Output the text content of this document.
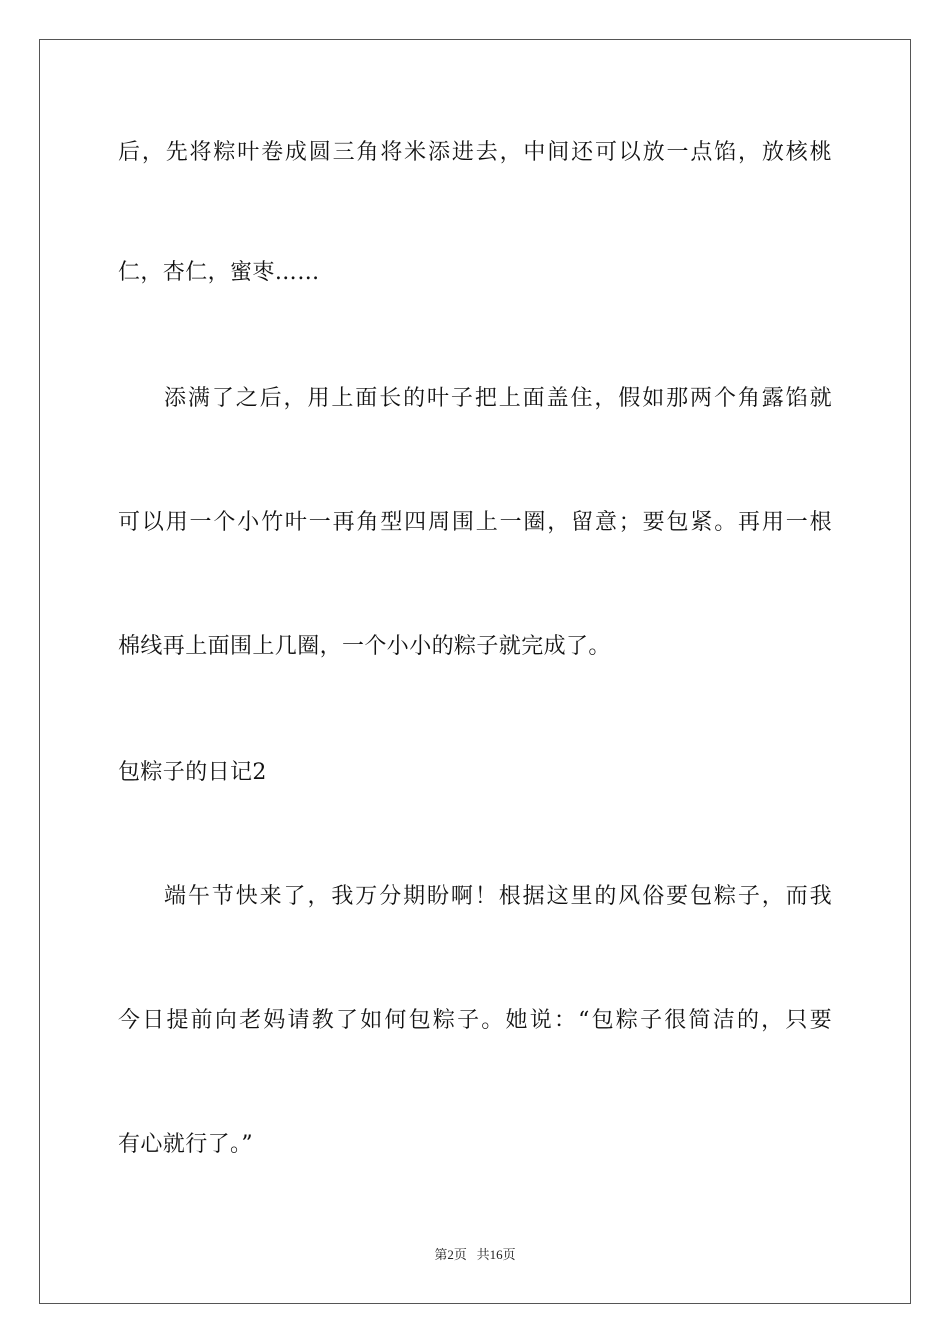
后，先将粽叶卷成圆三角将米添进去，中间还可以放一点馅，放核桃
仁，杏仁，蜜枣……
添满了之后，用上面长的叶子把上面盖住，假如那两个角露馅就
可以用一个小竹叶一再角型四周围上一圈，留意；要包紧。再用一根
棉线再上面围上几圈，一个小小的粽子就完成了。
包粽子的日记2
端午节快来了，我万分期盼啊！根据这里的风俗要包粽子，而我
今日提前向老妈请教了如何包粽子。她说：“包粽子很简洁的，只要
有心就行了。”
第2页 共16页
